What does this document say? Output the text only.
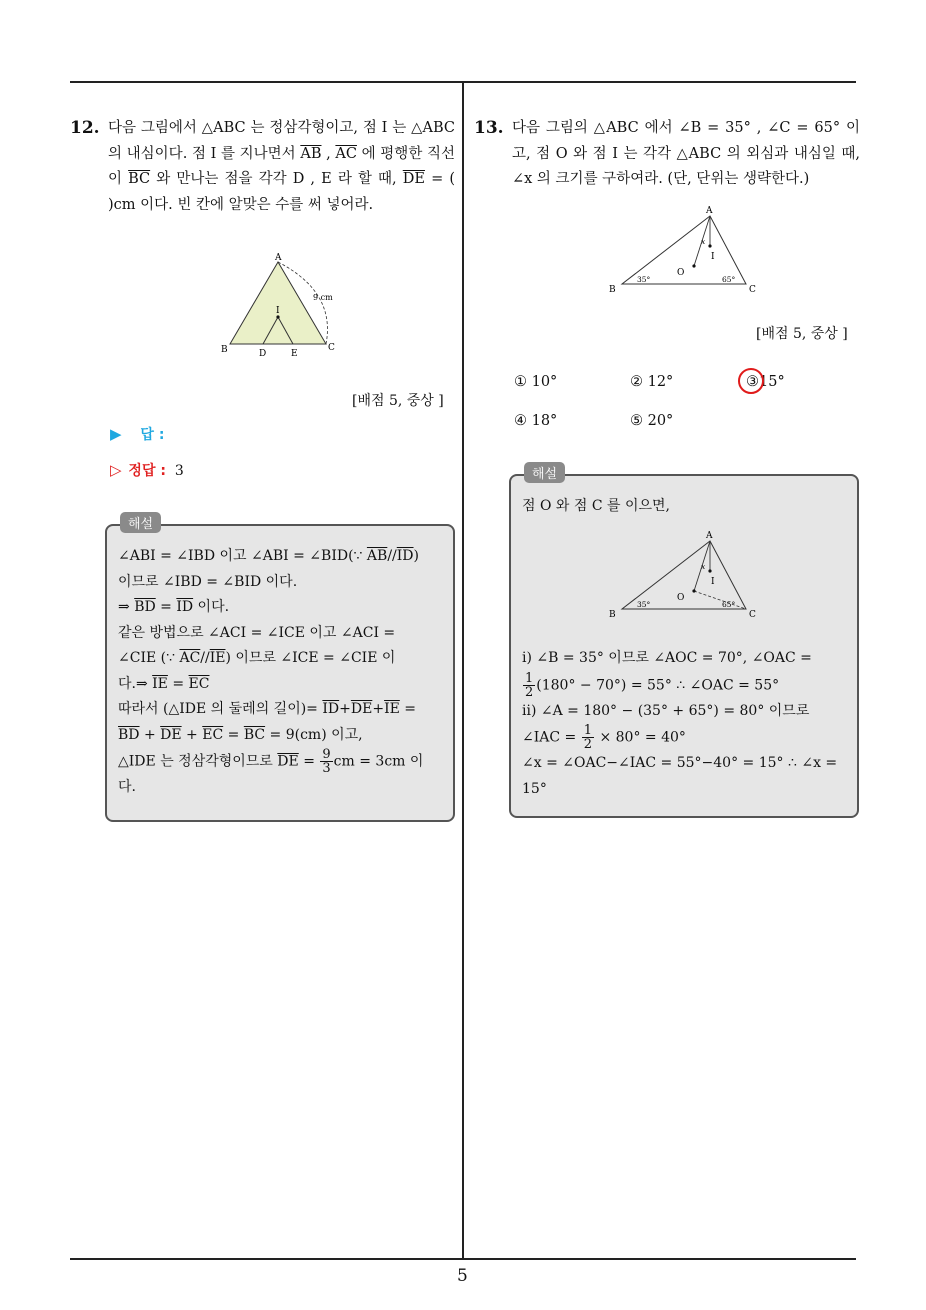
12. 다음 그림에서 △ABC 는 정삼각형이고, 점 I 는 △ABC 의 내심이다. 점 I 를 지나면서 $\overline{AB}$ , $\overline{AC}$ 에 평행한 직선이 $\overline{BC}$ 와 만나는 점을 각각 D , E 라 할 때, $\overline{DE}$ = ( )cm 이다. 빈 칸에 알맞은 수를 써 넣어라.
A
B	C
D	E
I
9 cm
[배점 5, 중상 ]
▶ 답 :
▷ 정답 : 3
해설
∠ABI = ∠IBD 이고 ∠ABI = ∠BID(∵ $\overline{AB}//\overline{ID}$)
이므로 ∠IBD = ∠BID 이다.
⇒ $\overline{BD} = \overline{ID}$ 이다.
같은 방법으로 ∠ACI = ∠ICE 이고 ∠ACI =
∠CIE (∵ $\overline{AC}//\overline{IE}$) 이므로 ∠ICE = ∠CIE 이
다.⇒ $\overline{IE} = \overline{EC}$
따라서 (△IDE 의 둘레의 길이)= $\overline{ID}+\overline{DE}+\overline{IE}$ =
$\overline{BD} + \overline{DE} + \overline{EC} = \overline{BC} = 9(cm)$ 이고,
△IDE 는 정삼각형이므로 $\overline{DE} = \frac{9}{3}$ cm = 3cm 이
다.
13. 다음 그림의 △ABC 에서 ∠B = 35° , ∠C = 65° 이고, 점 O 와 점 I 는 각각 △ABC 의 외심과 내심일 때, ∠x 의 크기를 구하여라. (단, 단위는 생략한다.)
A
B	C
O
I
x
35°	65°
[배점 5, 중상 ]
① 10°	② 12°	③15°
④ 18°	⑤ 20°
해설
점 O 와 점 C 를 이으면,
A
B	C
O
I
x
35°	65°
ⅰ) ∠B = 35° 이므로 ∠AOC = 70°, ∠OAC =
$\frac{1}{2} (180^\circ - 70^\circ) = 55^\circ$ ∴ ∠OAC = 55°
ⅱ) ∠A = 180° − (35° + 65°) = 80° 이므로
∠IAC = $\frac{1}{2} \times 80^\circ = 40^\circ$
∠x = ∠OAC−∠IAC = 55°−40° = 15° ∴ ∠x =
15°
5
